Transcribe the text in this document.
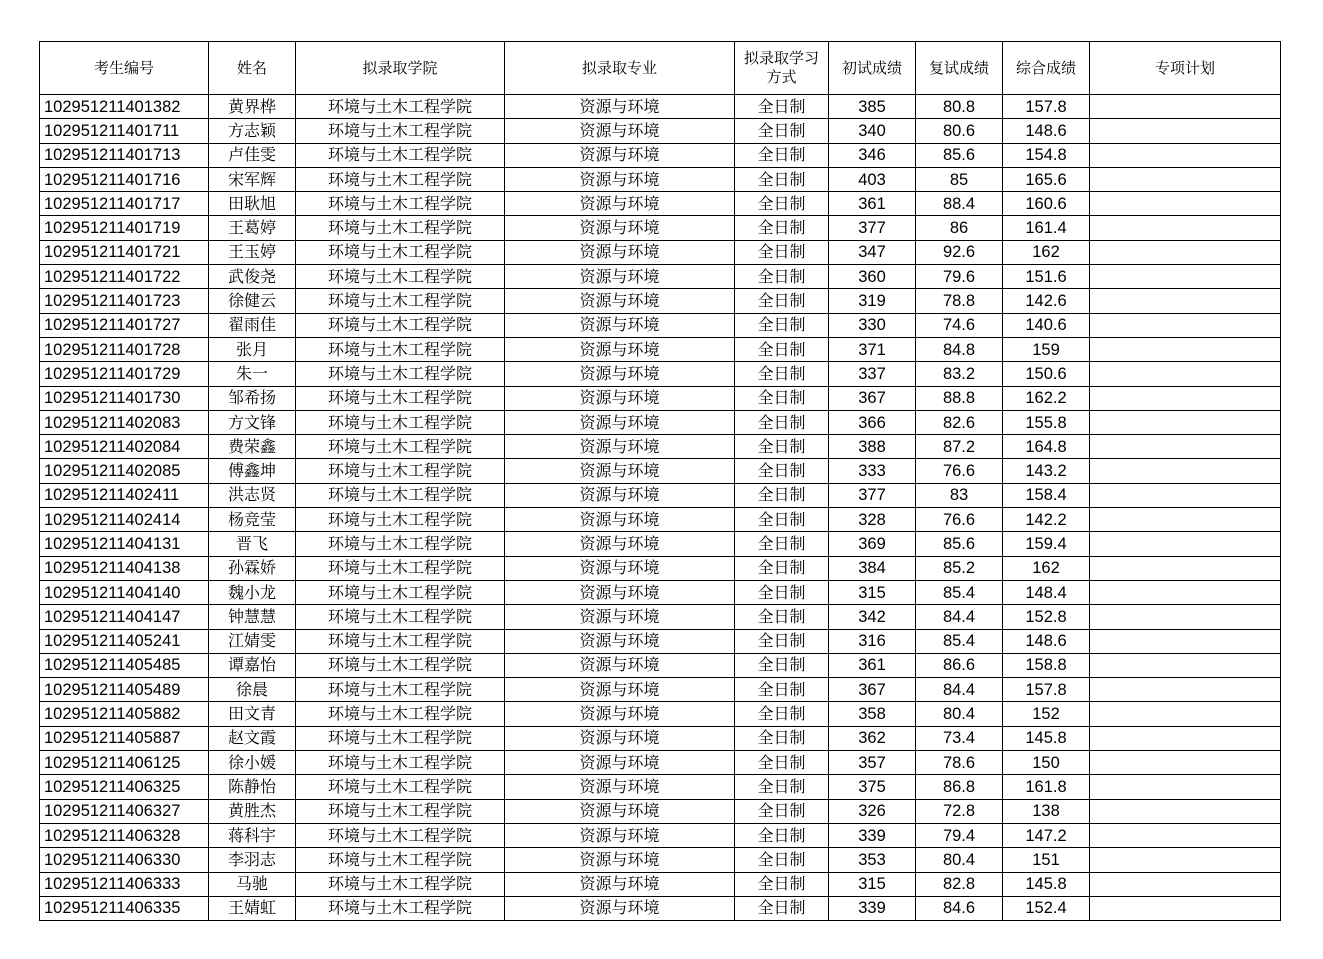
考生编号	姓名	拟录取学院	拟录取专业	拟录取学习方式	初试成绩	复试成绩	综合成绩	专项计划
102951211401382	黄界桦	环境与土木工程学院	资源与环境	全日制	385	80.8	157.8	
102951211401711	方志颖	环境与土木工程学院	资源与环境	全日制	340	80.6	148.6	
102951211401713	卢佳雯	环境与土木工程学院	资源与环境	全日制	346	85.6	154.8	
102951211401716	宋军辉	环境与土木工程学院	资源与环境	全日制	403	85	165.6	
102951211401717	田耿旭	环境与土木工程学院	资源与环境	全日制	361	88.4	160.6	
102951211401719	王葛婷	环境与土木工程学院	资源与环境	全日制	377	86	161.4	
102951211401721	王玉婷	环境与土木工程学院	资源与环境	全日制	347	92.6	162	
102951211401722	武俊尧	环境与土木工程学院	资源与环境	全日制	360	79.6	151.6	
102951211401723	徐健云	环境与土木工程学院	资源与环境	全日制	319	78.8	142.6	
102951211401727	翟雨佳	环境与土木工程学院	资源与环境	全日制	330	74.6	140.6	
102951211401728	张月	环境与土木工程学院	资源与环境	全日制	371	84.8	159	
102951211401729	朱一	环境与土木工程学院	资源与环境	全日制	337	83.2	150.6	
102951211401730	邹希扬	环境与土木工程学院	资源与环境	全日制	367	88.8	162.2	
102951211402083	方文锋	环境与土木工程学院	资源与环境	全日制	366	82.6	155.8	
102951211402084	费荣鑫	环境与土木工程学院	资源与环境	全日制	388	87.2	164.8	
102951211402085	傅鑫坤	环境与土木工程学院	资源与环境	全日制	333	76.6	143.2	
102951211402411	洪志贤	环境与土木工程学院	资源与环境	全日制	377	83	158.4	
102951211402414	杨竞莹	环境与土木工程学院	资源与环境	全日制	328	76.6	142.2	
102951211404131	晋飞	环境与土木工程学院	资源与环境	全日制	369	85.6	159.4	
102951211404138	孙霖娇	环境与土木工程学院	资源与环境	全日制	384	85.2	162	
102951211404140	魏小龙	环境与土木工程学院	资源与环境	全日制	315	85.4	148.4	
102951211404147	钟慧慧	环境与土木工程学院	资源与环境	全日制	342	84.4	152.8	
102951211405241	江婧雯	环境与土木工程学院	资源与环境	全日制	316	85.4	148.6	
102951211405485	谭嘉怡	环境与土木工程学院	资源与环境	全日制	361	86.6	158.8	
102951211405489	徐晨	环境与土木工程学院	资源与环境	全日制	367	84.4	157.8	
102951211405882	田文青	环境与土木工程学院	资源与环境	全日制	358	80.4	152	
102951211405887	赵文霞	环境与土木工程学院	资源与环境	全日制	362	73.4	145.8	
102951211406125	徐小媛	环境与土木工程学院	资源与环境	全日制	357	78.6	150	
102951211406325	陈静怡	环境与土木工程学院	资源与环境	全日制	375	86.8	161.8	
102951211406327	黄胜杰	环境与土木工程学院	资源与环境	全日制	326	72.8	138	
102951211406328	蒋科宇	环境与土木工程学院	资源与环境	全日制	339	79.4	147.2	
102951211406330	李羽志	环境与土木工程学院	资源与环境	全日制	353	80.4	151	
102951211406333	马驰	环境与土木工程学院	资源与环境	全日制	315	82.8	145.8	
102951211406335	王婧虹	环境与土木工程学院	资源与环境	全日制	339	84.6	152.4	
